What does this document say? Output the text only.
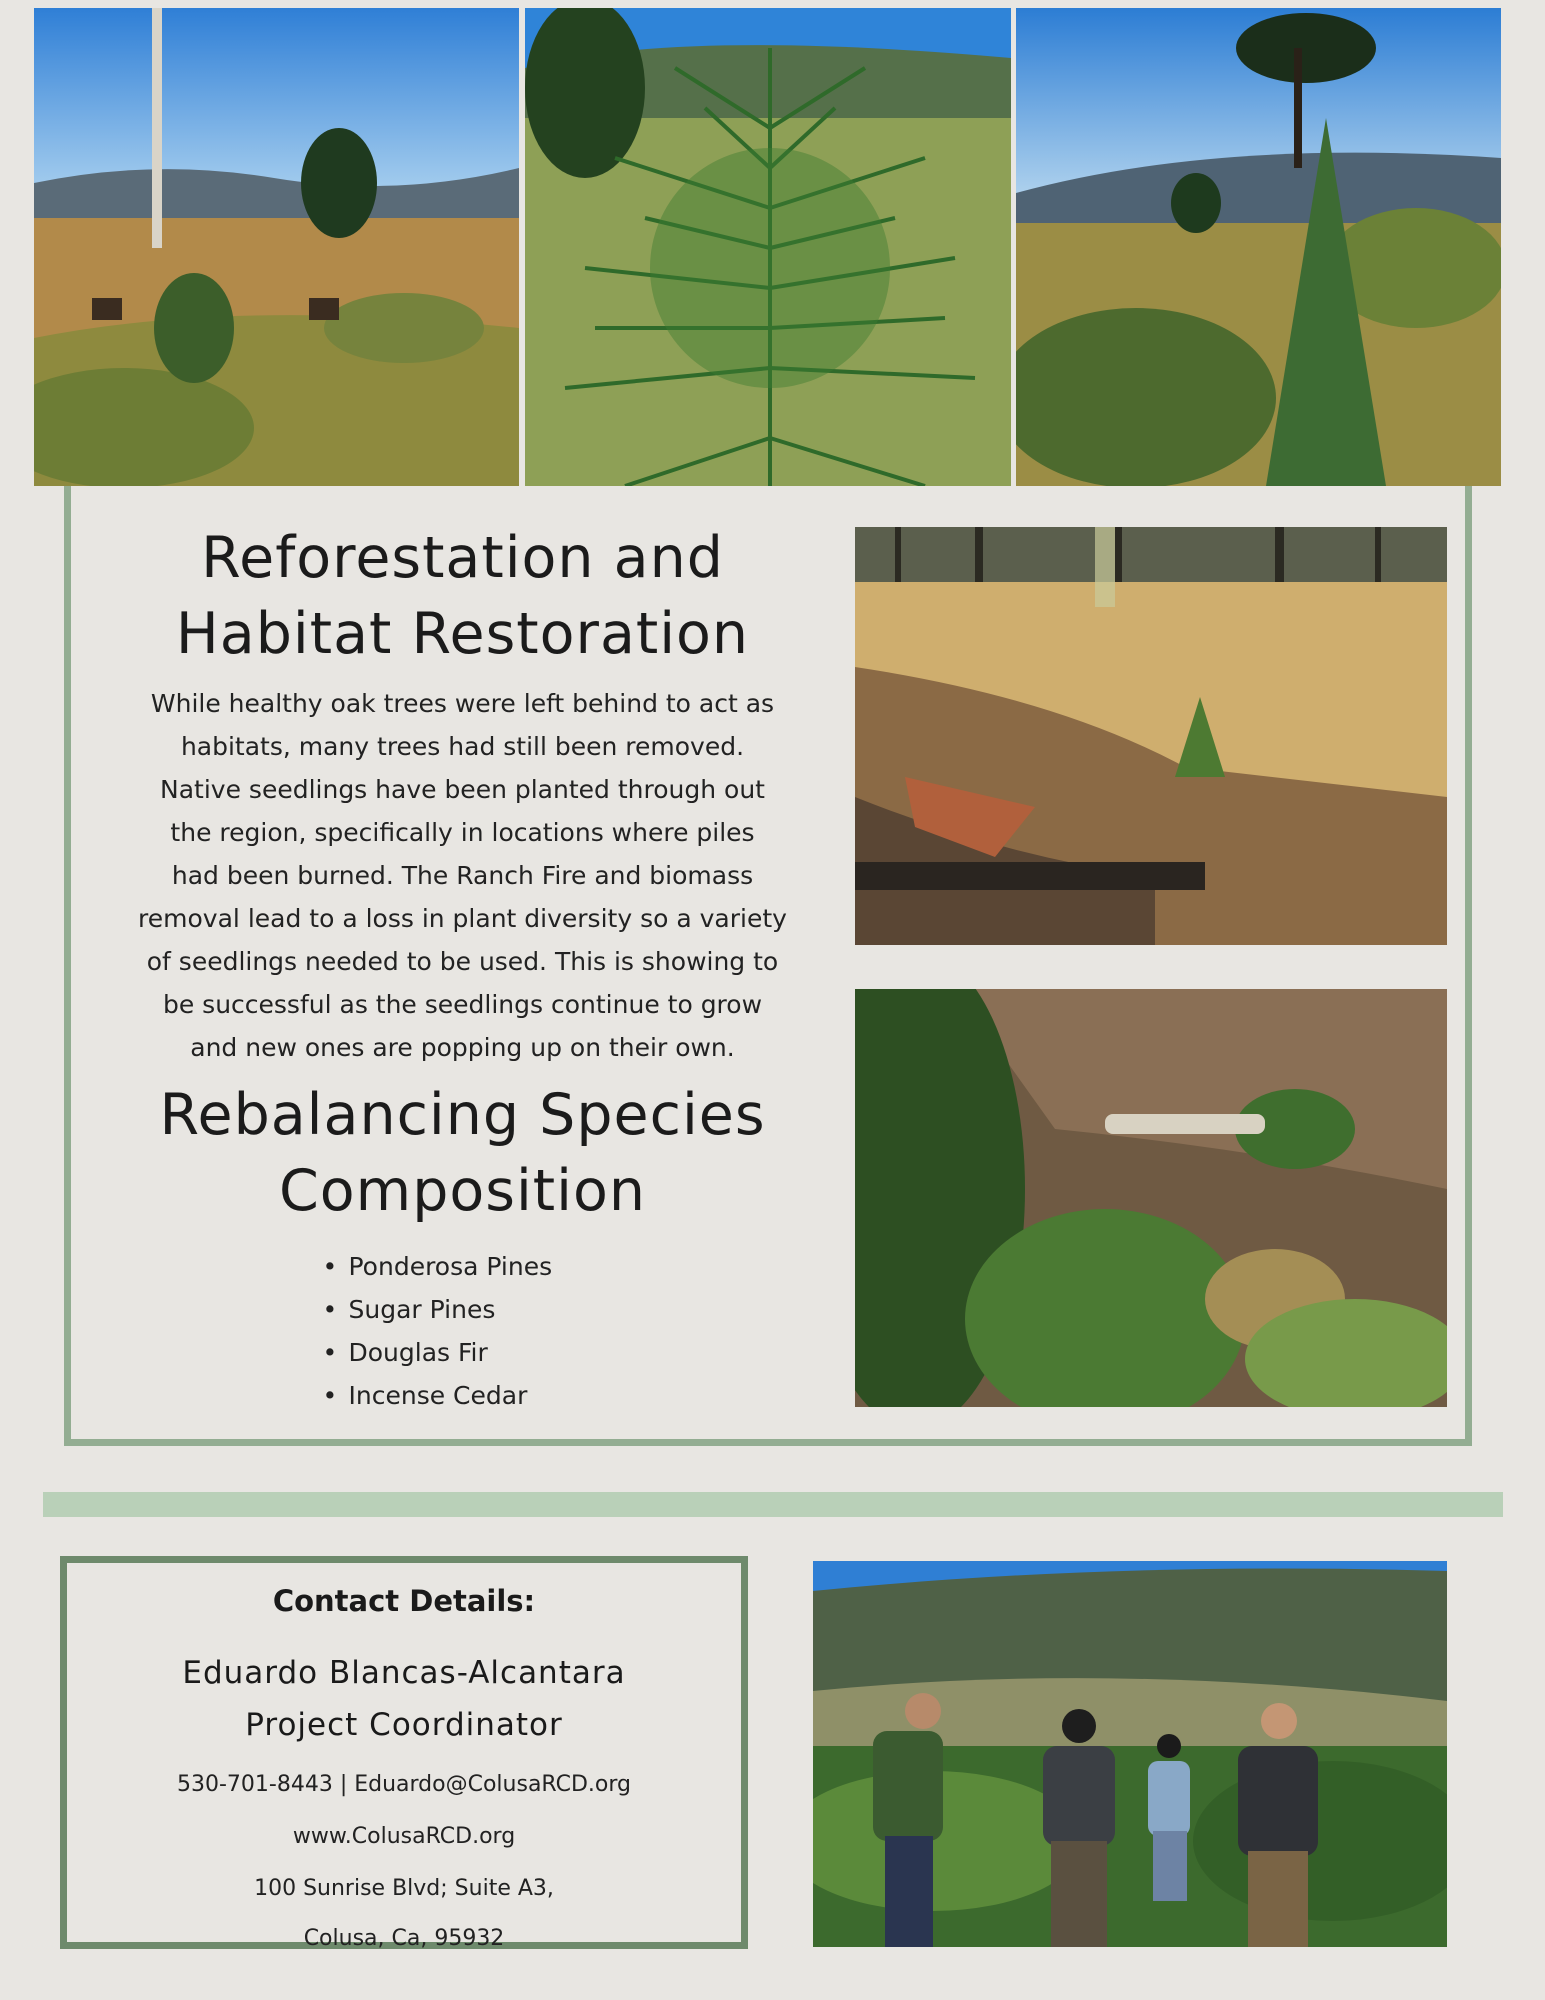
Reforestation and
Habitat Restoration

While healthy oak trees were left behind to act as
habitats, many trees had still been removed.
Native seedlings have been planted through out
the region, specifically in locations where piles
had been burned. The Ranch Fire and biomass
removal lead to a loss in plant diversity so a variety
of seedlings needed to be used. This is showing to
be successful as the seedlings continue to grow
and new ones are popping up on their own.

Rebalancing Species
Composition
• Ponderosa Pines
• Sugar Pines
• Douglas Fir
• Incense Cedar
Contact Details:
Eduardo Blancas-Alcantara
Project Coordinator
530-701-8443 | Eduardo@ColusaRCD.org
www.ColusaRCD.org
100 Sunrise Blvd; Suite A3,
Colusa, Ca, 95932
